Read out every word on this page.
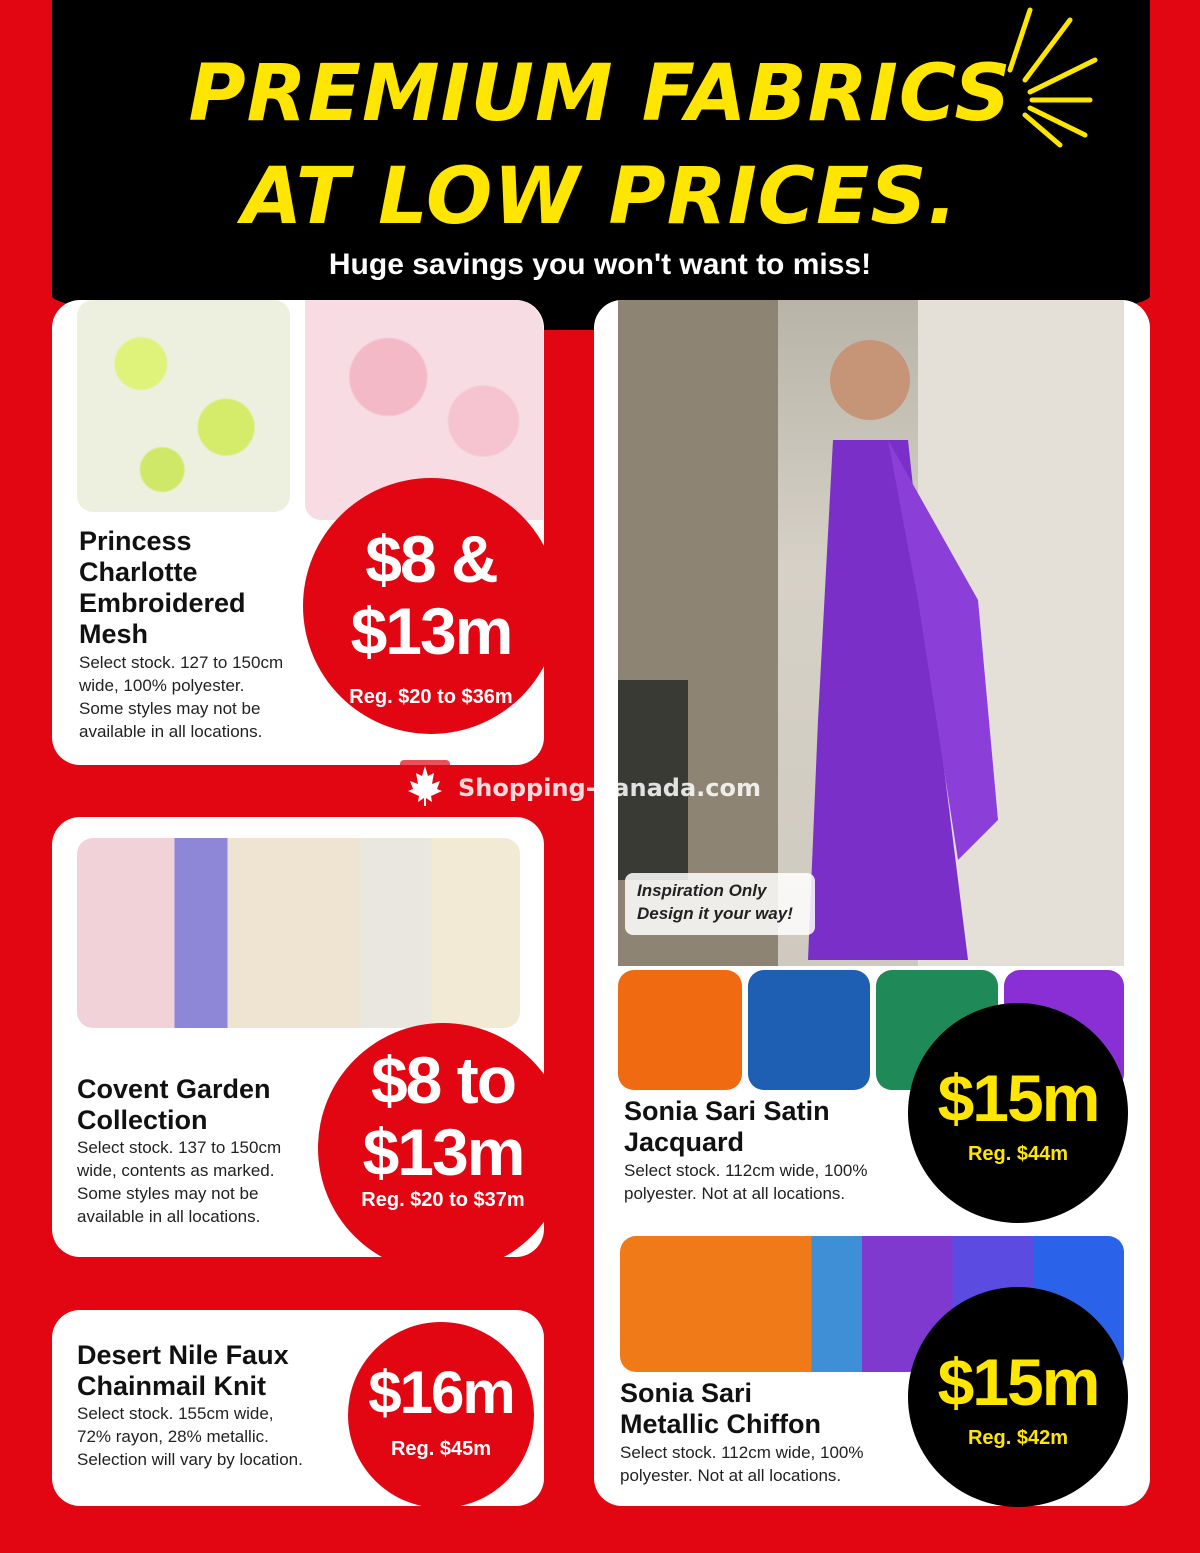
PREMIUM FABRICS
AT LOW PRICES.
Huge savings you won't want to miss!
Princess
Charlotte
Embroidered
Mesh
Select stock. 127 to 150cm
wide, 100% polyester.
Some styles may not be
available in all locations.
$8 &
$13m
Reg. $20 to $36m
Covent Garden
Collection
Select stock. 137 to 150cm
wide, contents as marked.
Some styles may not be
available in all locations.
$8 to
$13m
Reg. $20 to $37m
Desert Nile Faux
Chainmail Knit
Select stock. 155cm wide,
72% rayon, 28% metallic.
Selection will vary by location.
$16m
Reg. $45m
Inspiration Only
Design it your way!
Sonia Sari Satin
Jacquard
Select stock. 112cm wide, 100%
polyester. Not at all locations.
$15m
Reg. $44m
Sonia Sari
Metallic Chiffon
Select stock. 112cm wide, 100%
polyester. Not at all locations.
$15m
Reg. $42m
Shopping-Canada.com
